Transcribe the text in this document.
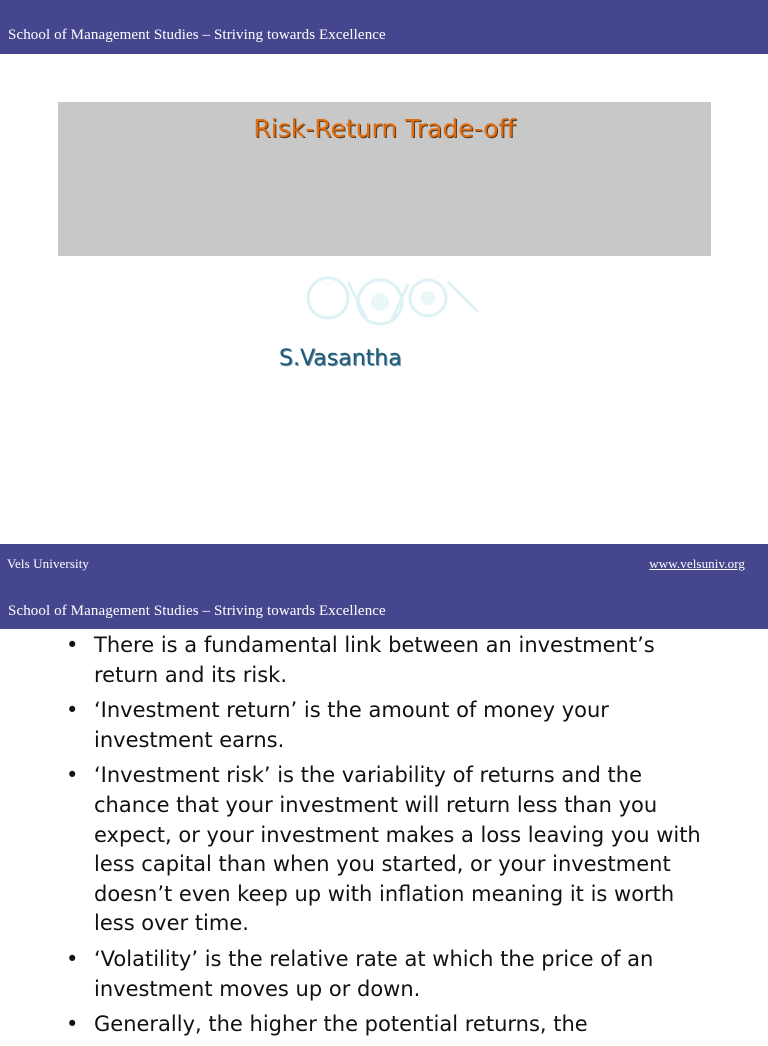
School of Management Studies – Striving towards Excellence
Risk-Return Trade-off
S.Vasantha
Vels University	www.velsuniv.org
School of Management Studies – Striving towards Excellence
• There is a fundamental link between an investment’s return and its risk.
• ‘Investment return’ is the amount of money your investment earns.
• ‘Investment risk’ is the variability of returns and the chance that your investment will return less than you expect, or your investment makes a loss leaving you with less capital than when you started, or your investment doesn’t even keep up with inflation meaning it is worth less over time.
• ‘Volatility’ is the relative rate at which the price of an investment moves up or down.
• Generally, the higher the potential returns, the
